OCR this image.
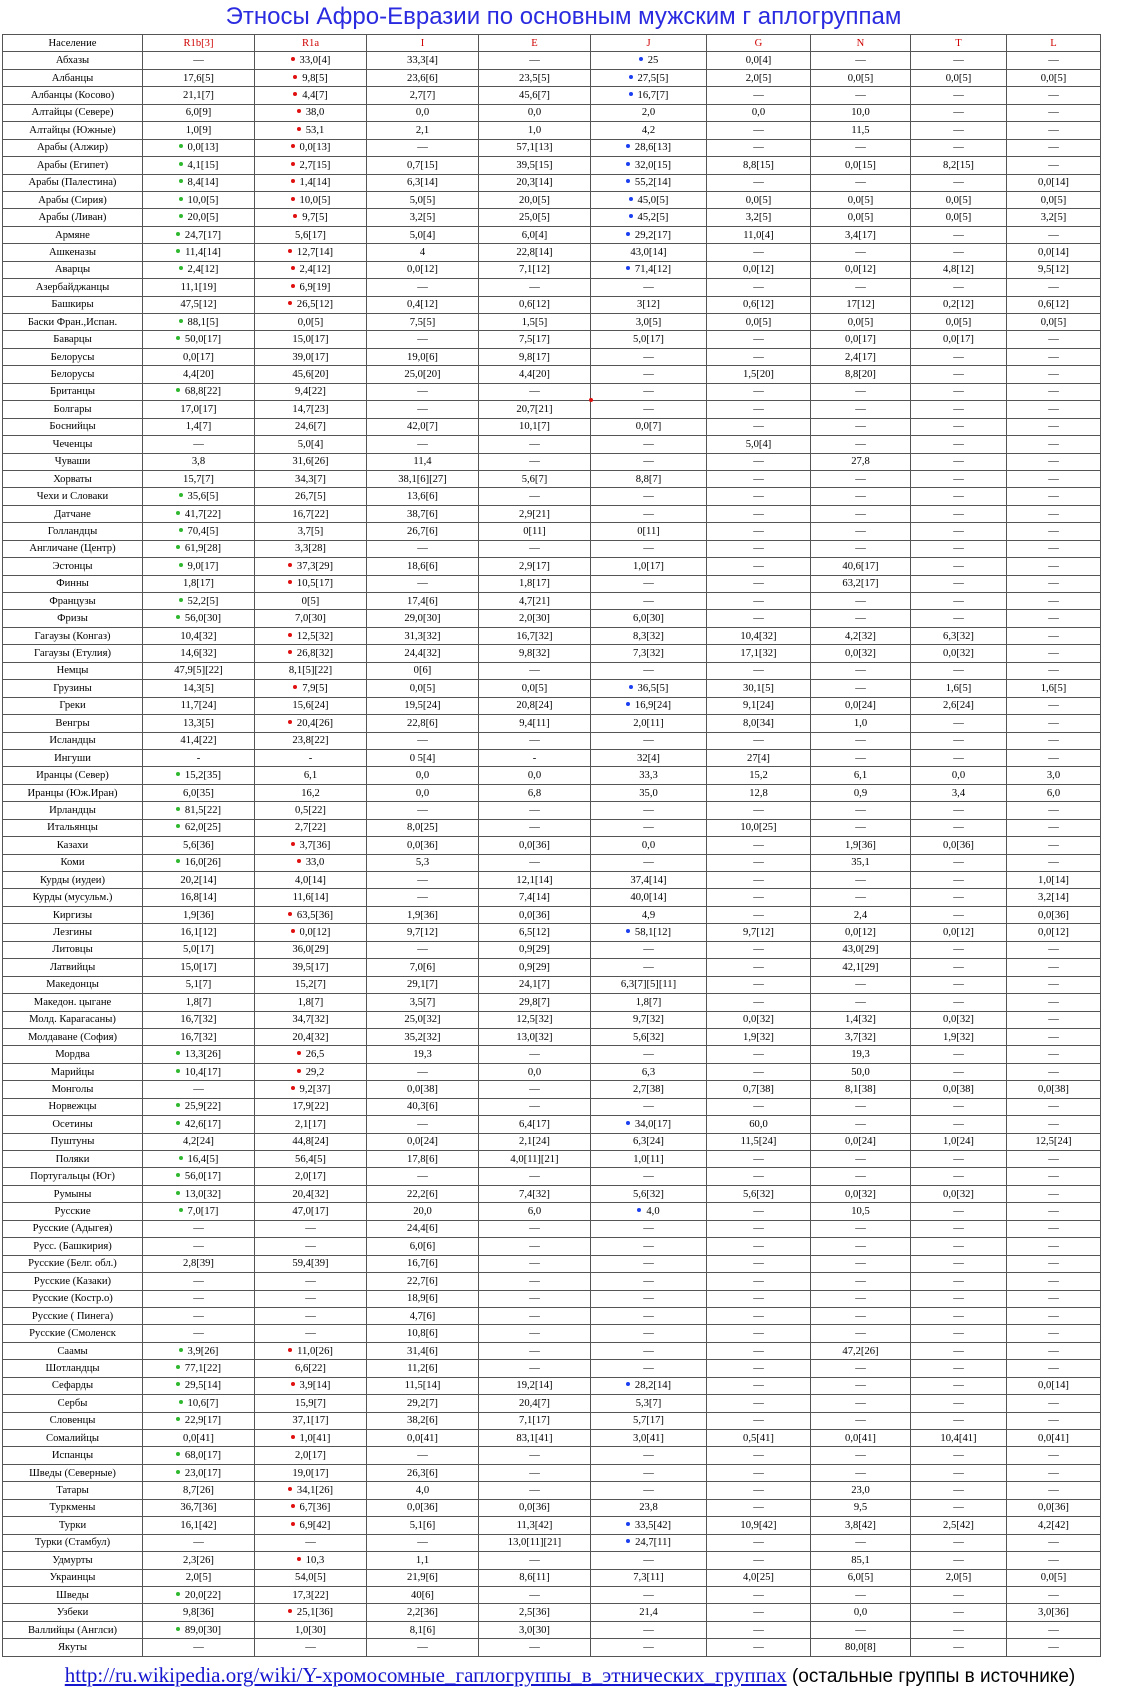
Этносы Афро-Евразии по основным мужским г аплогруппам
Население	R1b[3]	R1a	I	E	J	G	N	T	L
Абхазы	—	33,0[4]	33,3[4]	—	25	0,0[4]	—	—	—
Албанцы	17,6[5]	9,8[5]	23,6[6]	23,5[5]	27,5[5]	2,0[5]	0,0[5]	0,0[5]	0,0[5]
Албанцы (Косово)	21,1[7]	4,4[7]	2,7[7]	45,6[7]	16,7[7]	—	—	—	—
Алтайцы (Севере)	6,0[9]	38,0	0,0	0,0	2,0	0,0	10,0	—	—
Алтайцы (Южные)	1,0[9]	53,1	2,1	1,0	4,2	—	11,5	—	—
Арабы (Алжир)	0,0[13]	0,0[13]	—	57,1[13]	28,6[13]	—	—	—	—
Арабы (Египет)	4,1[15]	2,7[15]	0,7[15]	39,5[15]	32,0[15]	8,8[15]	0,0[15]	8,2[15]	—
Арабы (Палестина)	8,4[14]	1,4[14]	6,3[14]	20,3[14]	55,2[14]	—	—	—	0,0[14]
Арабы (Сирия)	10,0[5]	10,0[5]	5,0[5]	20,0[5]	45,0[5]	0,0[5]	0,0[5]	0,0[5]	0,0[5]
Арабы (Ливан)	20,0[5]	9,7[5]	3,2[5]	25,0[5]	45,2[5]	3,2[5]	0,0[5]	0,0[5]	3,2[5]
Армяне	24,7[17]	5,6[17]	5,0[4]	6,0[4]	29,2[17]	11,0[4]	3,4[17]	—	—
Ашкеназы	11,4[14]	12,7[14]	4	22,8[14]	43,0[14]	—	—	—	0,0[14]
Аварцы	2,4[12]	2,4[12]	0,0[12]	7,1[12]	71,4[12]	0,0[12]	0,0[12]	4,8[12]	9,5[12]
Азербайджанцы	11,1[19]	6,9[19]	—	—	—	—	—	—	—
Башкиры	47,5[12]	26,5[12]	0,4[12]	0,6[12]	3[12]	0,6[12]	17[12]	0,2[12]	0,6[12]
Баски Фран.,Испан.	88,1[5]	0,0[5]	7,5[5]	1,5[5]	3,0[5]	0,0[5]	0,0[5]	0,0[5]	0,0[5]
Баварцы	50,0[17]	15,0[17]	—	7,5[17]	5,0[17]	—	0,0[17]	0,0[17]	—
Белорусы	0,0[17]	39,0[17]	19,0[6]	9,8[17]	—	—	2,4[17]	—	—
Белорусы	4,4[20]	45,6[20]	25,0[20]	4,4[20]	—	1,5[20]	8,8[20]	—	—
Британцы	68,8[22]	9,4[22]	—	—	—	—	—	—	—
Болгары	17,0[17]	14,7[23]	—	20,7[21]	—	—	—	—	—
Боснийцы	1,4[7]	24,6[7]	42,0[7]	10,1[7]	0,0[7]	—	—	—	—
Чеченцы	—	5,0[4]	—	—	—	5,0[4]	—	—	—
Чуваши	3,8	31,6[26]	11,4	—	—	—	27,8	—	—
Хорваты	15,7[7]	34,3[7]	38,1[6][27]	5,6[7]	8,8[7]	—	—	—	—
Чехи и Словаки	35,6[5]	26,7[5]	13,6[6]	—	—	—	—	—	—
Датчане	41,7[22]	16,7[22]	38,7[6]	2,9[21]	—	—	—	—	—
Голландцы	70,4[5]	3,7[5]	26,7[6]	0[11]	0[11]	—	—	—	—
Англичане (Центр)	61,9[28]	3,3[28]	—	—	—	—	—	—	—
Эстонцы	9,0[17]	37,3[29]	18,6[6]	2,9[17]	1,0[17]	—	40,6[17]	—	—
Финны	1,8[17]	10,5[17]	—	1,8[17]	—	—	63,2[17]	—	—
Французы	52,2[5]	0[5]	17,4[6]	4,7[21]	—	—	—	—	—
Фризы	56,0[30]	7,0[30]	29,0[30]	2,0[30]	6,0[30]	—	—	—	—
Гагаузы (Конгаз)	10,4[32]	12,5[32]	31,3[32]	16,7[32]	8,3[32]	10,4[32]	4,2[32]	6,3[32]	—
Гагаузы (Етулия)	14,6[32]	26,8[32]	24,4[32]	9,8[32]	7,3[32]	17,1[32]	0,0[32]	0,0[32]	—
Немцы	47,9[5][22]	8,1[5][22]	0[6]	—	—	—	—	—	—
Грузины	14,3[5]	7,9[5]	0,0[5]	0,0[5]	36,5[5]	30,1[5]	—	1,6[5]	1,6[5]
Греки	11,7[24]	15,6[24]	19,5[24]	20,8[24]	16,9[24]	9,1[24]	0,0[24]	2,6[24]	—
Венгры	13,3[5]	20,4[26]	22,8[6]	9,4[11]	2,0[11]	8,0[34]	1,0	—	—
Исландцы	41,4[22]	23,8[22]	—	—	—	—	—	—	—
Ингуши	-	-	0 5[4]	-	32[4]	27[4]	—	—	—
Иранцы (Север)	15,2[35]	6,1	0,0	0,0	33,3	15,2	6,1	0,0	3,0
Иранцы (Юж.Иран)	6,0[35]	16,2	0,0	6,8	35,0	12,8	0,9	3,4	6,0
Ирландцы	81,5[22]	0,5[22]	—	—	—	—	—	—	—
Итальянцы	62,0[25]	2,7[22]	8,0[25]	—	—	10,0[25]	—	—	—
Казахи	5,6[36]	3,7[36]	0,0[36]	0,0[36]	0,0	—	1,9[36]	0,0[36]	—
Коми	16,0[26]	33,0	5,3	—	—	—	35,1	—	—
Курды (иудеи)	20,2[14]	4,0[14]	—	12,1[14]	37,4[14]	—	—	—	1,0[14]
Курды (мусульм.)	16,8[14]	11,6[14]	—	7,4[14]	40,0[14]	—	—	—	3,2[14]
Киргизы	1,9[36]	63,5[36]	1,9[36]	0,0[36]	4,9	—	2,4	—	0,0[36]
Лезгины	16,1[12]	0,0[12]	9,7[12]	6,5[12]	58,1[12]	9,7[12]	0,0[12]	0,0[12]	0,0[12]
Литовцы	5,0[17]	36,0[29]	—	0,9[29]	—	—	43,0[29]	—	—
Латвийцы	15,0[17]	39,5[17]	7,0[6]	0,9[29]	—	—	42,1[29]	—	—
Македонцы	5,1[7]	15,2[7]	29,1[7]	24,1[7]	6,3[7][5][11]	—	—	—	—
Македон. цыгане	1,8[7]	1,8[7]	3,5[7]	29,8[7]	1,8[7]	—	—	—	—
Молд. Карагасаны)	16,7[32]	34,7[32]	25,0[32]	12,5[32]	9,7[32]	0,0[32]	1,4[32]	0,0[32]	—
Молдаване (София)	16,7[32]	20,4[32]	35,2[32]	13,0[32]	5,6[32]	1,9[32]	3,7[32]	1,9[32]	—
Мордва	13,3[26]	26,5	19,3	—	—	—	19,3	—	—
Марийцы	10,4[17]	29,2	—	0,0	6,3	—	50,0	—	—
Монголы	—	9,2[37]	0,0[38]	—	2,7[38]	0,7[38]	8,1[38]	0,0[38]	0,0[38]
Норвежцы	25,9[22]	17,9[22]	40,3[6]	—	—	—	—	—	—
Осетины	42,6[17]	2,1[17]	—	6,4[17]	34,0[17]	60,0	—	—	—
Пуштуны	4,2[24]	44,8[24]	0,0[24]	2,1[24]	6,3[24]	11,5[24]	0,0[24]	1,0[24]	12,5[24]
Поляки	16,4[5]	56,4[5]	17,8[6]	4,0[11][21]	1,0[11]	—	—	—	—
Португальцы (Юг)	56,0[17]	2,0[17]	—	—	—	—	—	—	—
Румыны	13,0[32]	20,4[32]	22,2[6]	7,4[32]	5,6[32]	5,6[32]	0,0[32]	0,0[32]	—
Русские	7,0[17]	47,0[17]	20,0	6,0	4,0	—	10,5	—	—
Русские (Адыгея)	—	—	24,4[6]	—	—	—	—	—	—
Русс. (Башкирия)	—	—	6,0[6]	—	—	—	—	—	—
Русские (Белг. обл.)	2,8[39]	59,4[39]	16,7[6]	—	—	—	—	—	—
Русские (Казаки)	—	—	22,7[6]	—	—	—	—	—	—
Русские (Костр.о)	—	—	18,9[6]	—	—	—	—	—	—
Русские ( Пинега)	—	—	4,7[6]	—	—	—	—	—	—
Русские (Смоленск	—	—	10,8[6]	—	—	—	—	—	—
Саамы	3,9[26]	11,0[26]	31,4[6]	—	—	—	47,2[26]	—	—
Шотландцы	77,1[22]	6,6[22]	11,2[6]	—	—	—	—	—	—
Сефарды	29,5[14]	3,9[14]	11,5[14]	19,2[14]	28,2[14]	—	—	—	0,0[14]
Сербы	10,6[7]	15,9[7]	29,2[7]	20,4[7]	5,3[7]	—	—	—	—
Словенцы	22,9[17]	37,1[17]	38,2[6]	7,1[17]	5,7[17]	—	—	—	—
Сомалийцы	0,0[41]	1,0[41]	0,0[41]	83,1[41]	3,0[41]	0,5[41]	0,0[41]	10,4[41]	0,0[41]
Испанцы	68,0[17]	2,0[17]	—	—	—	—	—	—	—
Шведы (Северные)	23,0[17]	19,0[17]	26,3[6]	—	—	—	—	—	—
Татары	8,7[26]	34,1[26]	4,0	—	—	—	23,0	—	—
Туркмены	36,7[36]	6,7[36]	0,0[36]	0,0[36]	23,8	—	9,5	—	0,0[36]
Турки	16,1[42]	6,9[42]	5,1[6]	11,3[42]	33,5[42]	10,9[42]	3,8[42]	2,5[42]	4,2[42]
Турки (Стамбул)	—	—	—	13,0[11][21]	24,7[11]	—	—	—	—
Удмурты	2,3[26]	10,3	1,1	—	—	—	85,1	—	—
Украинцы	2,0[5]	54,0[5]	21,9[6]	8,6[11]	7,3[11]	4,0[25]	6,0[5]	2,0[5]	0,0[5]
Шведы	20,0[22]	17,3[22]	40[6]	—	—	—	—	—	—
Узбеки	9,8[36]	25,1[36]	2,2[36]	2,5[36]	21,4	—	0,0	—	3,0[36]
Валлийцы (Англси)	89,0[30]	1,0[30]	8,1[6]	3,0[30]	—	—	—	—	—
Якуты	—	—	—	—	—	—	80,0[8]	—	—
http://ru.wikipedia.org/wiki/Y-хромосомные_гаплогруппы_в_этнических_группах (остальные группы в источнике)
